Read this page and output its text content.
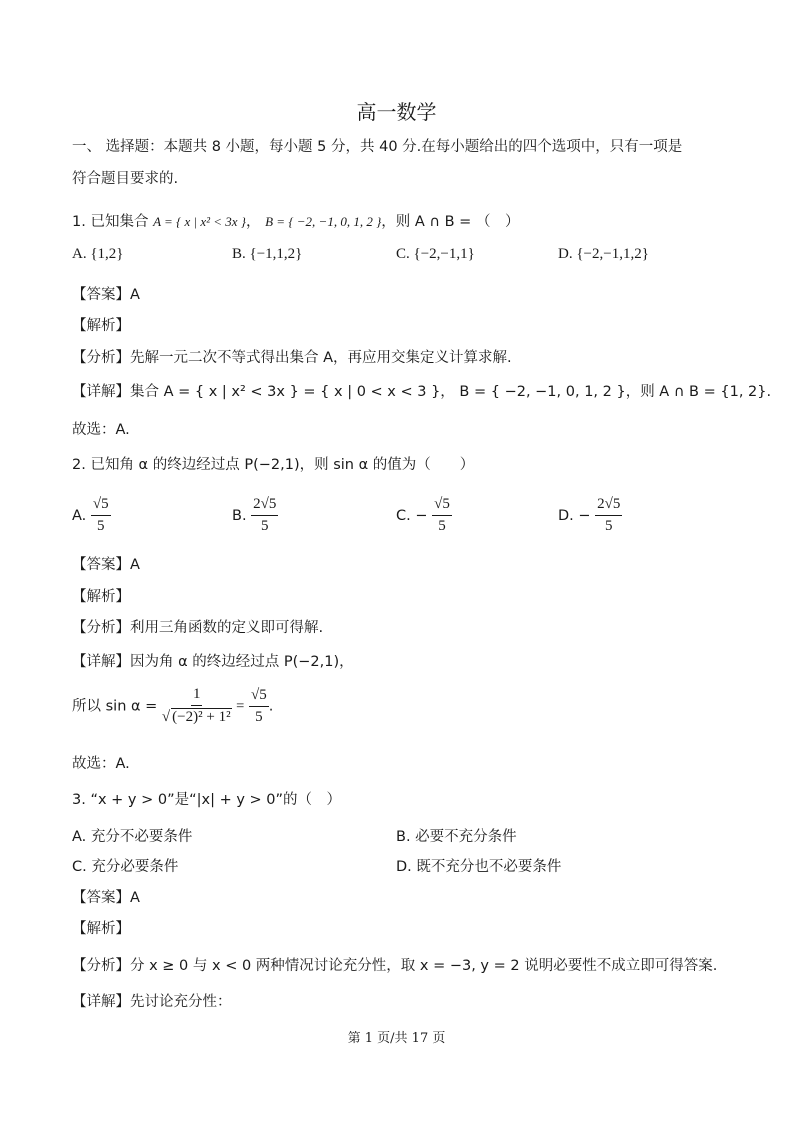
高一数学
一、 选择题：本题共 8 小题，每小题 5 分，共 40 分.在每小题给出的四个选项中，只有一项是
符合题目要求的.
1. 已知集合 A = { x | x² < 3x }， B = { −2, −1, 0, 1, 2 }，则 A ∩ B = （　）
A. {1,2}	B. {−1,1,2}	C. {−2,−1,1}	D. {−2,−1,1,2}
【答案】A
【解析】
【分析】先解一元二次不等式得出集合 A，再应用交集定义计算求解.
【详解】集合 A = { x | x² < 3x } = { x | 0 < x < 3 }， B = { −2, −1, 0, 1, 2 }，则 A ∩ B = {1, 2}.
故选：A.
2. 已知角 α 的终边经过点 P(−2,1)，则 sin α 的值为（　　）
A. $\frac{√5}{5}$	B. $\frac{2√5}{5}$	C. − $\frac{√5}{5}$	D. − $\frac{2√5}{5}$
【答案】A
【解析】
【分析】利用三角函数的定义即可得解.
【详解】因为角 α 的终边经过点 P(−2,1)，
所以 $\sin \alpha = \frac{1}{\text{√ (−2)² + 1²}} = \frac{√5}{5}$ .
故选：A.
3. “x + y > 0”是“|x| + y > 0”的（　）
A. 充分不必要条件	B. 必要不充分条件
C. 充分必要条件	D. 既不充分也不必要条件
【答案】A
【解析】
【分析】分 x ≥ 0 与 x < 0 两种情况讨论充分性，取 x = −3, y = 2 说明必要性不成立即可得答案.
【详解】先讨论充分性：
第 1 页/共 17 页
